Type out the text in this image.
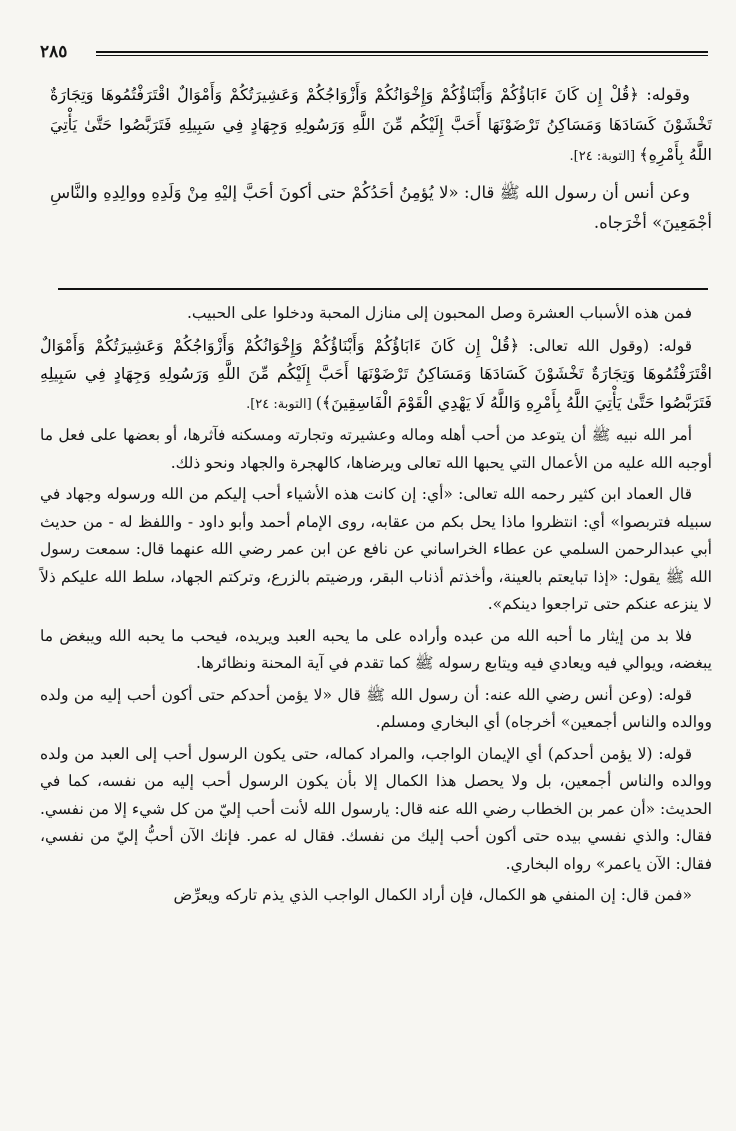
٢٨٥

وقوله: ﴿قُلْ إِن كَانَ ءَابَاؤُكُمْ وَأَبْنَاؤُكُمْ وَإِخْوَانُكُمْ وَأَزْوَاجُكُمْ وَعَشِيرَتُكُمْ وَأَمْوَالٌ اقْتَرَفْتُمُوهَا وَتِجَارَةٌ تَخْشَوْنَ كَسَادَهَا وَمَسَاكِنُ تَرْضَوْنَهَا أَحَبَّ إِلَيْكُم مِّنَ اللَّهِ وَرَسُولِهِ وَجِهَادٍ فِي سَبِيلِهِ فَتَرَبَّصُوا حَتَّىٰ يَأْتِيَ اللَّهُ بِأَمْرِهِ﴾ [التوبة: ٢٤].

وعن أنس أن رسول الله ﷺ قال: «لا يُؤمِنُ أحَدُكُمْ حتى أكونَ أحَبَّ إليْهِ مِنْ وَلَدِهِ ووالِدِهِ والنَّاسِ أجْمَعِينَ» أخْرَجاه.

فمن هذه الأسباب العشرة وصل المحبون إلى منازل المحبة ودخلوا على الحبيب.

قوله: (وقول الله تعالى: ﴿قُلْ إِن كَانَ ءَابَاؤُكُمْ وَأَبْنَاؤُكُمْ وَإِخْوَانُكُمْ وَأَزْوَاجُكُمْ وَعَشِيرَتُكُمْ وَأَمْوَالٌ اقْتَرَفْتُمُوهَا وَتِجَارَةٌ تَخْشَوْنَ كَسَادَهَا وَمَسَاكِنُ تَرْضَوْنَهَا أَحَبَّ إِلَيْكُم مِّنَ اللَّهِ وَرَسُولِهِ وَجِهَادٍ فِي سَبِيلِهِ فَتَرَبَّصُوا حَتَّىٰ يَأْتِيَ اللَّهُ بِأَمْرِهِ وَاللَّهُ لَا يَهْدِي الْقَوْمَ الْفَاسِقِينَ﴾) [التوبة: ٢٤].

أمر الله نبيه ﷺ أن يتوعد من أحب أهله وماله وعشيرته وتجارته ومسكنه فآثرها، أو بعضها على فعل ما أوجبه الله عليه من الأعمال التي يحبها الله تعالى ويرضاها، كالهجرة والجهاد ونحو ذلك.

قال العماد ابن كثير رحمه الله تعالى: «أي: إن كانت هذه الأشياء أحب إليكم من الله ورسوله وجهاد في سبيله فتربصوا» أي: انتظروا ماذا يحل بكم من عقابه، روى الإمام أحمد وأبو داود - واللفظ له - من حديث أبي عبدالرحمن السلمي عن عطاء الخراساني عن نافع عن ابن عمر رضي الله عنهما قال: سمعت رسول الله ﷺ يقول: «إذا تبايعتم بالعينة، وأخذتم أذناب البقر، ورضيتم بالزرع، وتركتم الجهاد، سلط الله عليكم ذلاً لا ينزعه عنكم حتى تراجعوا دينكم».

فلا بد من إيثار ما أحبه الله من عبده وأراده على ما يحبه العبد ويريده، فيحب ما يحبه الله ويبغض ما يبغضه، ويوالي فيه ويعادي فيه ويتابع رسوله ﷺ كما تقدم في آية المحنة ونظائرها.

قوله: (وعن أنس رضي الله عنه: أن رسول الله ﷺ قال «لا يؤمن أحدكم حتى أكون أحب إليه من ولده ووالده والناس أجمعين» أخرجاه) أي البخاري ومسلم.

قوله: (لا يؤمن أحدكم) أي الإيمان الواجب، والمراد كماله، حتى يكون الرسول أحب إلى العبد من ولده ووالده والناس أجمعين، بل ولا يحصل هذا الكمال إلا بأن يكون الرسول أحب إليه من نفسه، كما في الحديث: «أن عمر بن الخطاب رضي الله عنه قال: يارسول الله لأنت أحب إليّ من كل شيء إلا من نفسي. فقال: والذي نفسي بيده حتى أكون أحب إليك من نفسك. فقال له عمر. فإنك الآن أحبُّ إليّ من نفسي، فقال: الآن ياعمر» رواه البخاري.

«فمن قال: إن المنفي هو الكمال، فإن أراد الكمال الواجب الذي يذم تاركه ويعرِّض
